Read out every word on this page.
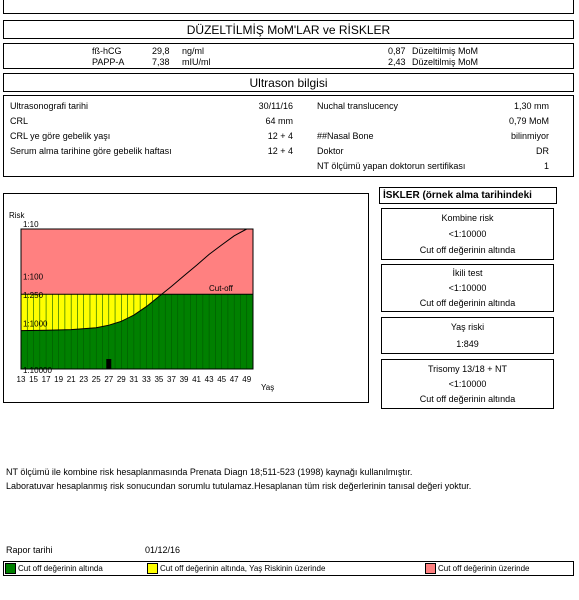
DÜZELTİLMİŞ MoM'LAR ve RİSKLER
fß-hCG	29,8 ng/ml	0,87 Düzeltilmiş MoM
PAPP-A	7,38 mIU/ml	2,43 Düzeltilmiş MoM
Ultrason bilgisi
Ultrasonografi tarihi	30/11/16
CRL	64 mm
CRL ye göre gebelik yaşı	12 + 4
Serum alma tarihine göre gebelik haftası	12 + 4
Nuchal translucency	1,30 mm
0,79 MoM
##Nasal Bone	bilinmiyor
Doktor	DR
NT ölçümü yapan doktorun sertifikası	1
Risk
Yaş
Cut-off
1:10
1:100
1:250
1:1000
1:10000
13 15 17 19 21 23 25 27 29 31 33 35 37 39 41 43 45 47 49
İSKLER (örnek alma tarihindeki
Kombine risk
<1:10000
Cut off değerinin altında
İkili test
<1:10000
Cut off değerinin altında
Yaş riski
1:849
Trisomy 13/18 + NT
<1:10000
Cut off değerinin altında
NT ölçümü ile kombine risk hesaplanmasında Prenata Diagn 18;511-523 (1998) kaynağı kullanılmıştır.
Laboratuvar hesaplanmış risk sonucundan sorumlu tutulamaz.Hesaplanan tüm risk değerlerinin tanısal değeri yoktur.
Rapor tarihi	01/12/16
Cut off değerinin altında	Cut off değerinin altında, Yaş Riskinin üzerinde	Cut off değerinin üzerinde
